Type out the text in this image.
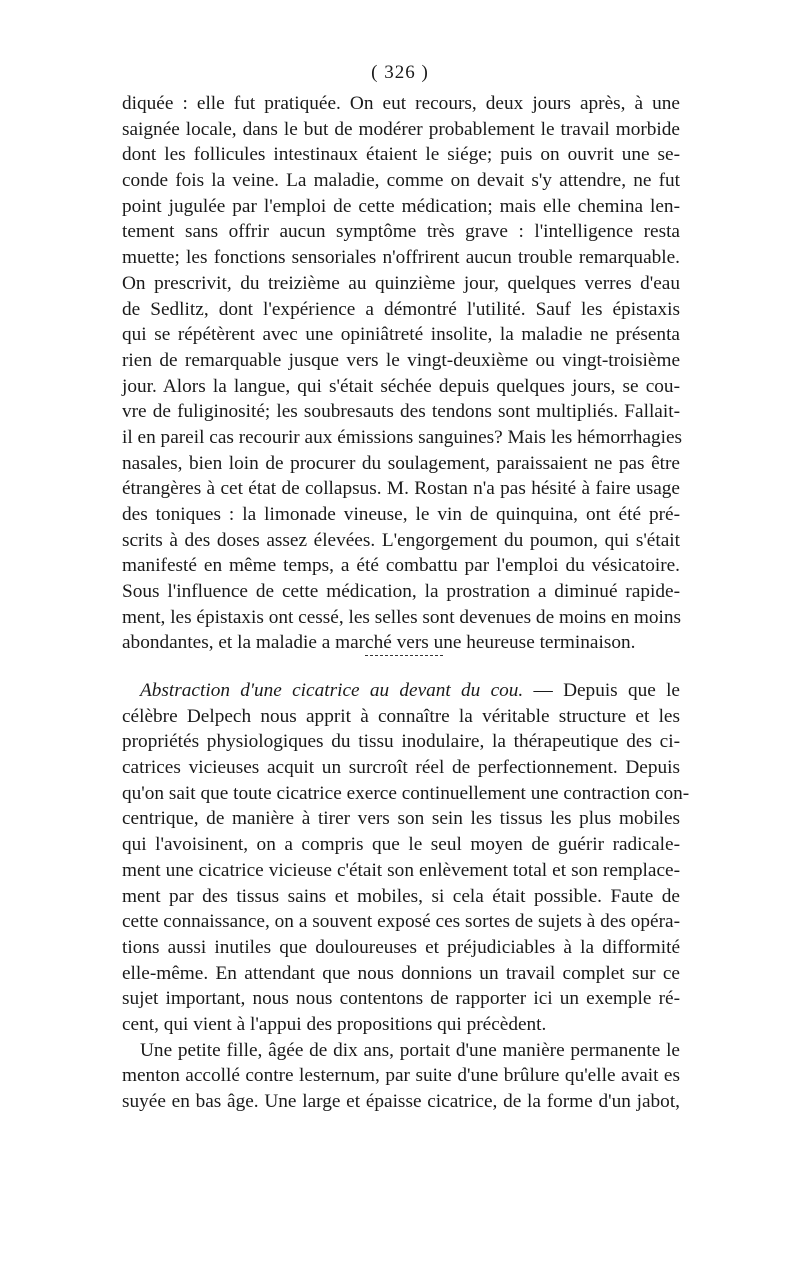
( 326 )
diquée : elle fut pratiquée. On eut recours, deux jours après, à une
saignée locale, dans le but de modérer probablement le travail morbide
dont les follicules intestinaux étaient le siége; puis on ouvrit une se-
conde fois la veine. La maladie, comme on devait s'y attendre, ne fut
point jugulée par l'emploi de cette médication; mais elle chemina len-
tement sans offrir aucun symptôme très grave : l'intelligence resta
muette; les fonctions sensoriales n'offrirent aucun trouble remarquable.
On prescrivit, du treizième au quinzième jour, quelques verres d'eau
de Sedlitz, dont l'expérience a démontré l'utilité. Sauf les épistaxis
qui se répétèrent avec une opiniâtreté insolite, la maladie ne présenta
rien de remarquable jusque vers le vingt-deuxième ou vingt-troisième
jour. Alors la langue, qui s'était séchée depuis quelques jours, se cou-
vre de fuliginosité; les soubresauts des tendons sont multipliés. Fallait-
il en pareil cas recourir aux émissions sanguines? Mais les hémorrhagies
nasales, bien loin de procurer du soulagement, paraissaient ne pas être
étrangères à cet état de collapsus. M. Rostan n'a pas hésité à faire usage
des toniques : la limonade vineuse, le vin de quinquina, ont été pré-
scrits à des doses assez élevées. L'engorgement du poumon, qui s'était
manifesté en même temps, a été combattu par l'emploi du vésicatoire.
Sous l'influence de cette médication, la prostration a diminué rapide-
ment, les épistaxis ont cessé, les selles sont devenues de moins en moins
abondantes, et la maladie a marché vers une heureuse terminaison.
Abstraction d'une cicatrice au devant du cou. — Depuis que le
célèbre Delpech nous apprit à connaître la véritable structure et les
propriétés physiologiques du tissu inodulaire, la thérapeutique des ci-
catrices vicieuses acquit un surcroît réel de perfectionnement. Depuis
qu'on sait que toute cicatrice exerce continuellement une contraction con-
centrique, de manière à tirer vers son sein les tissus les plus mobiles
qui l'avoisinent, on a compris que le seul moyen de guérir radicale-
ment une cicatrice vicieuse c'était son enlèvement total et son remplace-
ment par des tissus sains et mobiles, si cela était possible. Faute de
cette connaissance, on a souvent exposé ces sortes de sujets à des opéra-
tions aussi inutiles que douloureuses et préjudiciables à la difformité
elle-même. En attendant que nous donnions un travail complet sur ce
sujet important, nous nous contentons de rapporter ici un exemple ré-
cent, qui vient à l'appui des propositions qui précèdent.
Une petite fille, âgée de dix ans, portait d'une manière permanente le
menton accollé contre lesternum, par suite d'une brûlure qu'elle avait es
suyée en bas âge. Une large et épaisse cicatrice, de la forme d'un jabot,
